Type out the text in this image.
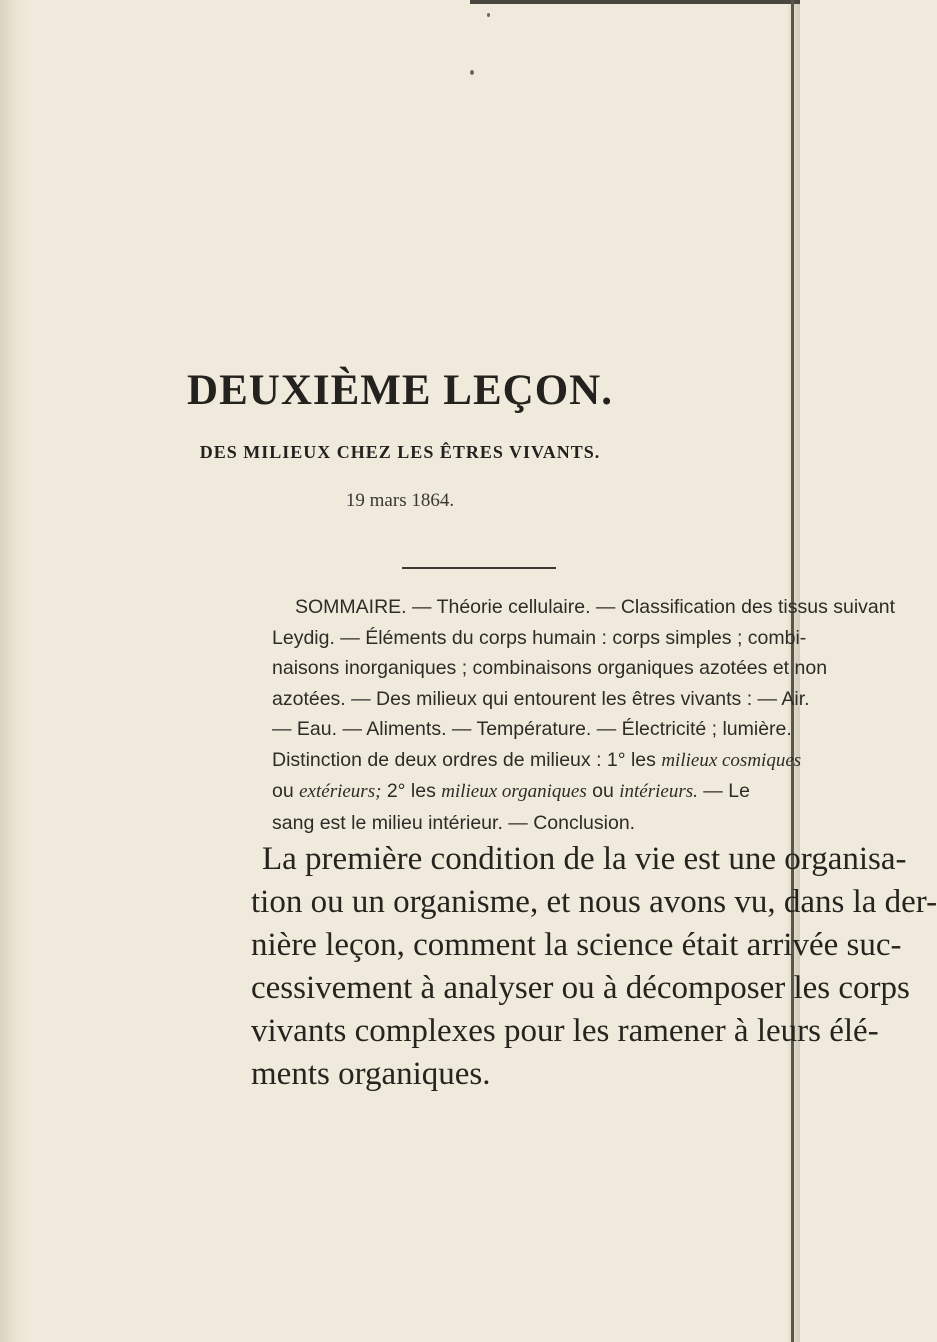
DEUXIÈME LEÇON.
DES MILIEUX CHEZ LES ÊTRES VIVANTS.
19 mars 1864.
SOMMAIRE. — Théorie cellulaire. — Classification des tissus suivant
Leydig. — Éléments du corps humain : corps simples ; combi-
naisons inorganiques ; combinaisons organiques azotées et non
azotées. — Des milieux qui entourent les êtres vivants : — Air.
— Eau. — Aliments. — Température. — Électricité ; lumière.
Distinction de deux ordres de milieux : 1° les milieux cosmiques
ou extérieurs; 2° les milieux organiques ou intérieurs. — Le
sang est le milieu intérieur. — Conclusion.
La première condition de la vie est une organisa-
tion ou un organisme, et nous avons vu, dans la der-
nière leçon, comment la science était arrivée suc-
cessivement à analyser ou à décomposer les corps
vivants complexes pour les ramener à leurs élé-
ments organiques.
